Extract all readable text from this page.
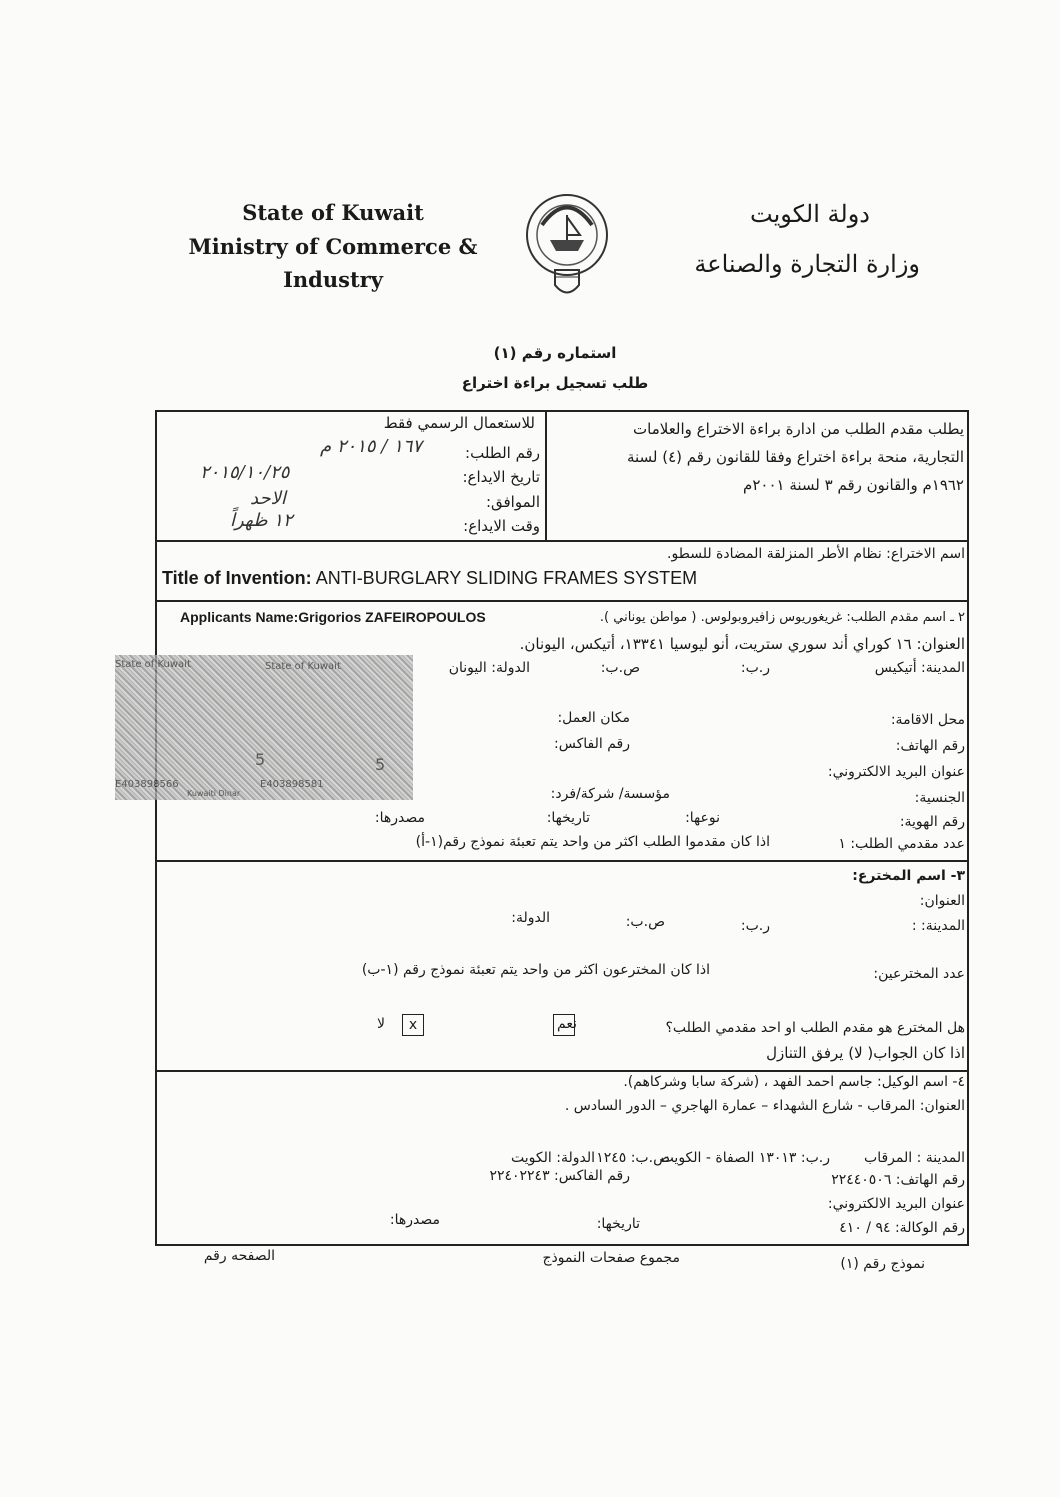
State of Kuwait
Ministry of Commerce &
Industry
دولة الكويت
وزارة التجارة والصناعة
استماره رقم (١)
طلب تسجيل براءة اختراع
يطلب مقدم الطلب من ادارة براءة الاختراع والعلامات
التجارية، منحة براءة اختراع وفقا للقانون رقم (٤) لسنة
١٩٦٢م والقانون رقم ٣ لسنة ٢٠٠١م
للاستعمال الرسمي فقط
رقم الطلب:
١٦٧ / ٢٠١٥ م
تاريخ الايداع:
٢٠١٥/١٠/٢٥
الموافق:
الاحد
وقت الايداع:
١٢ ظهراً
اسم الاختراع: نظام الأطر المنزلقة المضادة للسطو.
Title of Invention: ANTI-BURGLARY SLIDING FRAMES SYSTEM
٢ ـ اسم مقدم الطلب: غريغوريوس زافيروبولوس. ( مواطن يوناني ).
Applicants Name:Grigorios ZAFEIROPOULOS
العنوان: ١٦ كوراي أند سوري ستريت، أنو ليوسيا ١٣٣٤١، أتيكس، اليونان.
المدينة: أتيكيس
ر.ب:
ص.ب:
الدولة: اليونان
محل الاقامة:
مكان العمل:
رقم الهاتف:
رقم الفاكس:
عنوان البريد الالكتروني:
الجنسية:
مؤسسة/ شركة/فرد:
رقم الهوية:
نوعها:
تاريخها:
مصدرها:
عدد مقدمي الطلب: ١
اذا كان مقدموا الطلب اكثر من واحد يتم تعبئة نموذج رقم(١-أ)
State of Kuwait	State of Kuwait
5	5
E403898566	E403898581
Kuwaiti Dinar
٣- اسم المخترع:
العنوان:
المدينة: :
ر.ب:
ص.ب:
الدولة:
عدد المخترعين:
اذا كان المخترعون اكثر من واحد يتم تعبئة نموذج رقم (١-ب)
هل المخترع هو مقدم الطلب او احد مقدمي الطلب؟
نعم
x
لا
اذا كان الجواب( لا) يرفق التنازل
٤- اسم الوكيل: جاسم احمد الفهد ، (شركة سابا وشركاهم).
العنوان: المرقاب - شارع الشهداء – عمارة الهاجري – الدور السادس .
المدينة : المرقاب
ر.ب: ١٣٠١٣ الصفاة - الكويت
ص.ب: ١٢٤٥
الدولة: الكويت
رقم الهاتف: ٢٢٤٤٠٥٠٦
رقم الفاكس: ٢٢٤٠٢٢٤٣
عنوان البريد الالكتروني:
رقم الوكالة: ٩٤ / ٤١٠
تاريخها:
مصدرها:
نموذج رقم (١)
مجموع صفحات النموذج
الصفحه رقم
